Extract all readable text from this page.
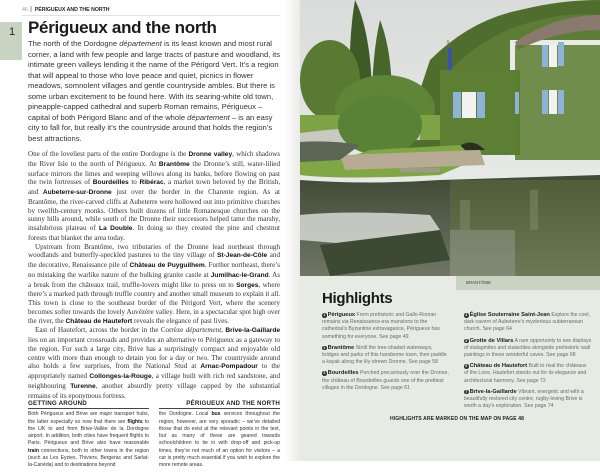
1
46 PÉRIGUEUX AND THE NORTH
Périgueux and the north
The north of the Dordogne département is its least known and most rural corner, a land with few people and large tracts of pasture and woodland, its intimate green valleys lending it the name of the Périgord Vert. It’s a region that will appeal to those who love peace and quiet, picnics in flower meadows, somnolent villages and gentle countryside ambles. But there is some urban excitement to be found here. With its searing-white old town, pineapple-capped cathedral and superb Roman remains, Périgueux – capital of both Périgord Blanc and of the whole département – is an easy city to fall for, but really it’s the countryside around that holds the region’s best attractions.

One of the loveliest parts of the entire Dordogne is the Dronne valley, which shadows the River Isle to the north of Périgueux. At Brantôme the Dronne’s still, water-lilied surface mirrors the limes and weeping willows along its banks, before flowing on past the twin fortresses of Bourdeilles to Ribérac, a market town beloved by the British, and Aubeterre-sur-Dronne just over the border in the Charente region. As at Brantôme, the river-carved cliffs at Aubeterre were hollowed out into primitive churches by twelfth-century monks. Others built dozens of little Romanesque churches on the sunny hills around, while south of the Dronne their successors helped tame the marshy, insalubrious plateau of La Double. In doing so they created the pine and chestnut forests that blanket the area today.

Upstream from Brantôme, two tributaries of the Dronne lead northeast through woodlands and butterfly-speckled pastures to the tiny village of St-Jean-de-Côle and the decorative, Renaissance pile of Château de Puyguilhem. Further northeast, there’s no mistaking the warlike nature of the hulking granite castle at Jumilhac-le-Grand. As a break from the châteaux trail, truffle-lovers might like to press on to Sorges, where there’s a marked path through truffle country and another small museum to explain it all. This town is close to the southeast border of the Périgord Vert, where the scenery becomes softer towards the lovely Auvézère valley. Here, in a spectacular spot high over the river, the Château de Hautefort reveals the elegance of past lives.

East of Hautefort, across the border in the Corrèze département, Brive-la-Gaillarde lies on an important crossroads and provides an alternative to Périgueux as a gateway to the region. For such a large city, Brive has a surprisingly compact and enjoyable old centre with more than enough to detain you for a day or two. The countryside around also holds a few surprises, from the National Stud at Arnac-Pompadour to the appropriately named Collonges-la-Rouge, a village built with rich red sandstone, and neighbouring Turenne, another absurdly pretty village capped by the substantial remains of its eponymous fortress.

GETTING AROUND
Both Périgueux and Brive are major transport hubs, the latter especially so now that there are flights to the UK to and from Brive-Vallée de la Dordogne airport. In addition, both cities have frequent flights to Paris. Périgueux and Brive also have reasonable train connections, both to other towns in the region (such as Les Eyzies, Thiviers, Bergerac and Sarlat-la-Canéda) and to destinations beyond
PÉRIGUEUX AND THE NORTH
the Dordogne. Local bus services throughout the region, however, are very sporadic – we’ve detailed those that do exist at the relevant points in the text, but as many of these are geared towards schoolchildren to tie in with drop-off and pick-up times, they’re not much of an option for visitors – a car is pretty much essential if you wish to explore the more remote areas.
BRANTÔME
Highlights

1 Périgueux From prehistoric and Gallo-Roman remains via Renaissance-era mansions to the cathedral’s Byzantine extravagance, Périgueux has something for everyone. See page 49

2 Brantôme Stroll the tree-shaded waterways, bridges and parks of this handsome town, then paddle a kayak along the lily-strewn Dronne. See page 58

3 Bourdeilles Perched precariously over the Dronne, the château of Bourdeilles guards one of the prettiest villages in the Dordogne. See page 61

4 Église Souterraine Saint-Jean Explore the cool, dark cavern of Aubeterre’s mysterious subterranean church. See page 64

5 Grotte de Villars A rare opportunity to see displays of stalagmites and stalactites alongside prehistoric wall paintings in these wonderful caves. See page 68

6 Château de Hautefort Built to rival the châteaux of the Loire, Hautefort stands out for its elegance and architectural harmony. See page 72

7 Brive-la-Gaillarde Vibrant, energetic and with a beautifully restored city centre, rugby-loving Brive is worth a day’s exploration. See page 74

HIGHLIGHTS ARE MARKED ON THE MAP ON PAGE 48
